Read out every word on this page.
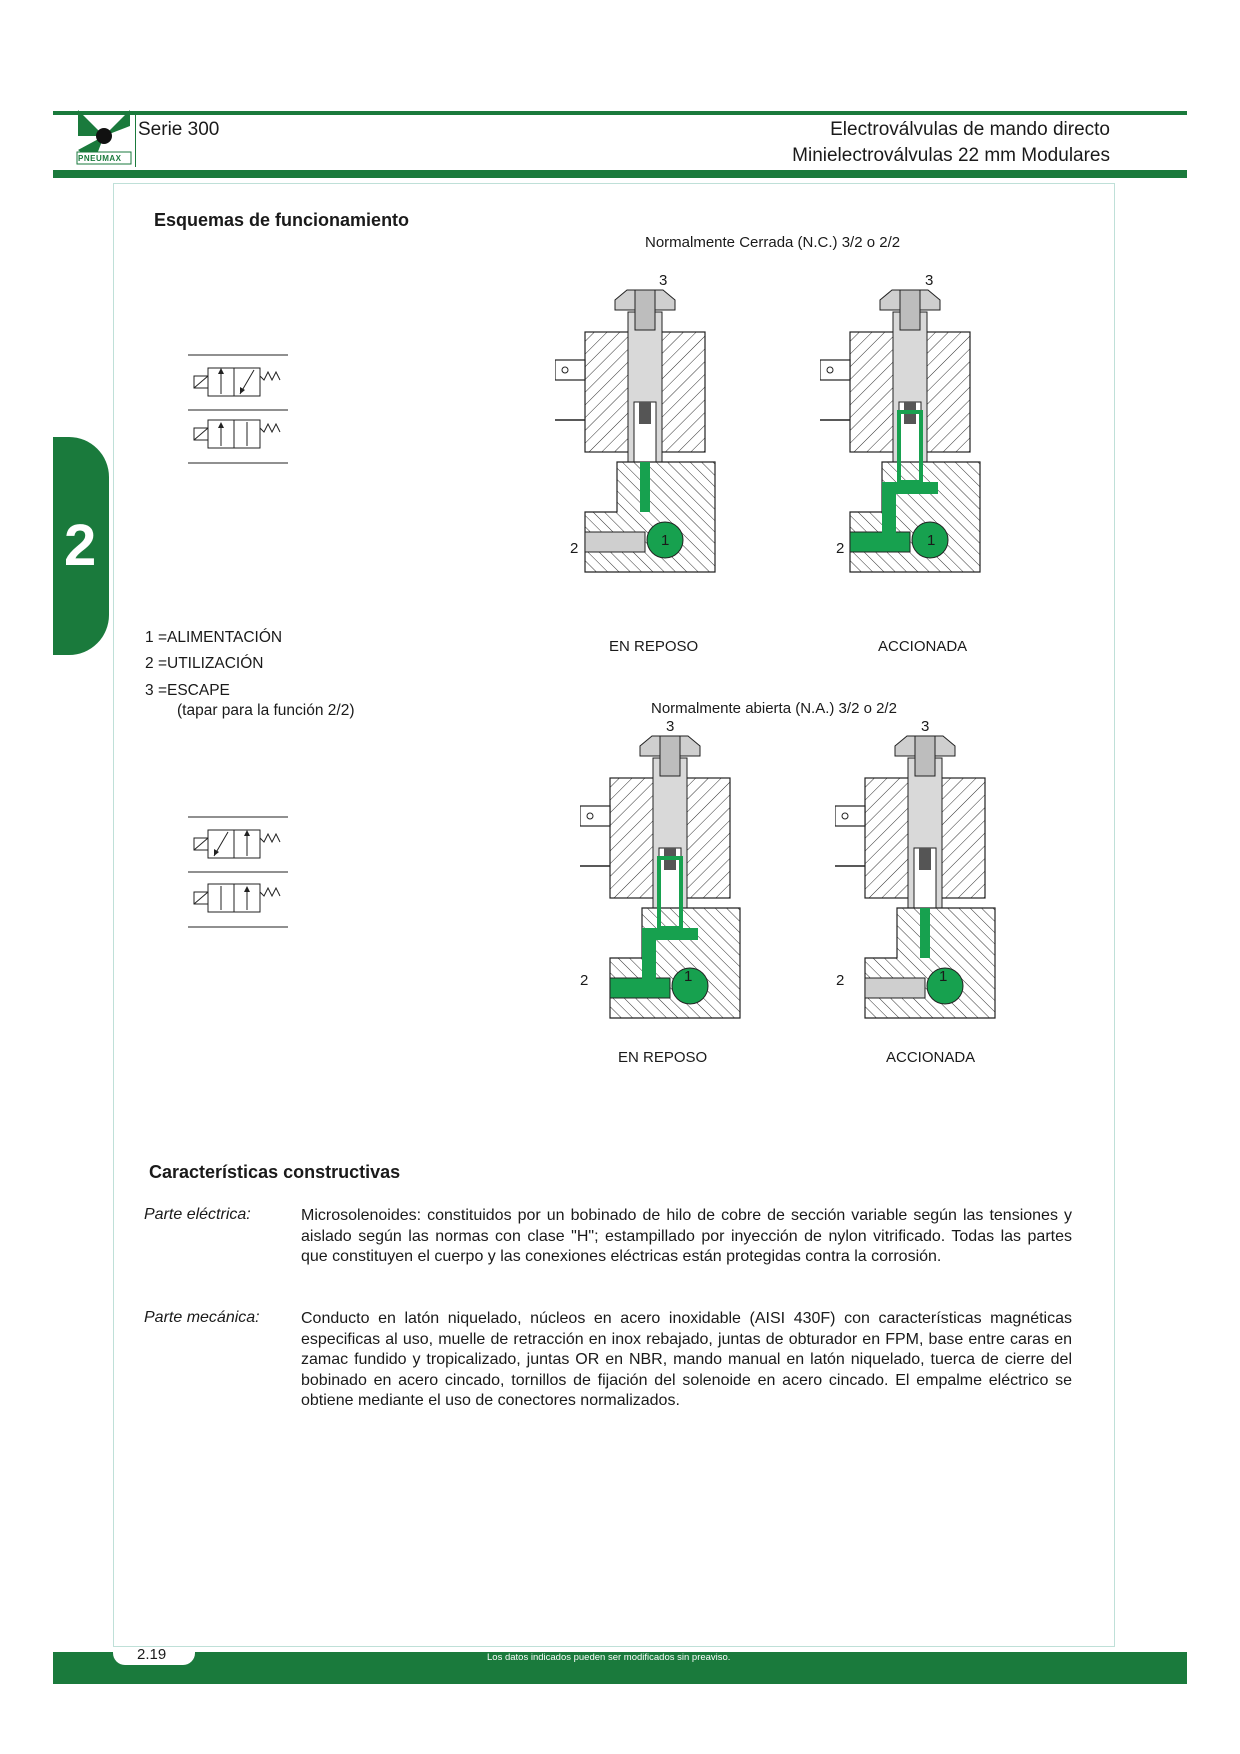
PNEUMAX
Serie 300	Electroválvulas de mando directo
Minielectroválvulas 22 mm Modulares
2
Esquemas de funcionamiento
Normalmente Cerrada (N.C.) 3/2 o 2/2
3
2	1
3
2	1
1 =ALIMENTACIÓN
2 =UTILIZACIÓN
3 =ESCAPE
(tapar para la función 2/2)
EN REPOSO	ACCIONADA
Normalmente abierta (N.A.) 3/2 o 2/2
3
2	1
3
2	1
EN REPOSO	ACCIONADA
Características constructivas
Parte eléctrica:	Microsolenoides: constituidos por un bobinado de hilo de cobre de sección variable según las tensiones y aislado según las normas con clase "H"; estampillado por inyección de nylon vitrificado. Todas las partes que constituyen el cuerpo y las conexiones eléctricas están protegidas contra la corrosión.
Parte mecánica:	Conducto en latón niquelado, núcleos en acero inoxidable (AISI 430F) con características magnéticas especificas al uso, muelle de retracción en inox rebajado, juntas de obturador en FPM, base entre caras en zamac fundido y tropicalizado, juntas OR en NBR, mando manual en latón niquelado, tuerca de cierre del bobinado en acero cincado, tornillos de fijación del solenoide en acero cincado. El empalme eléctrico se obtiene mediante el uso de conectores normalizados.
2.19	Los datos indicados pueden ser modificados sin preaviso.
